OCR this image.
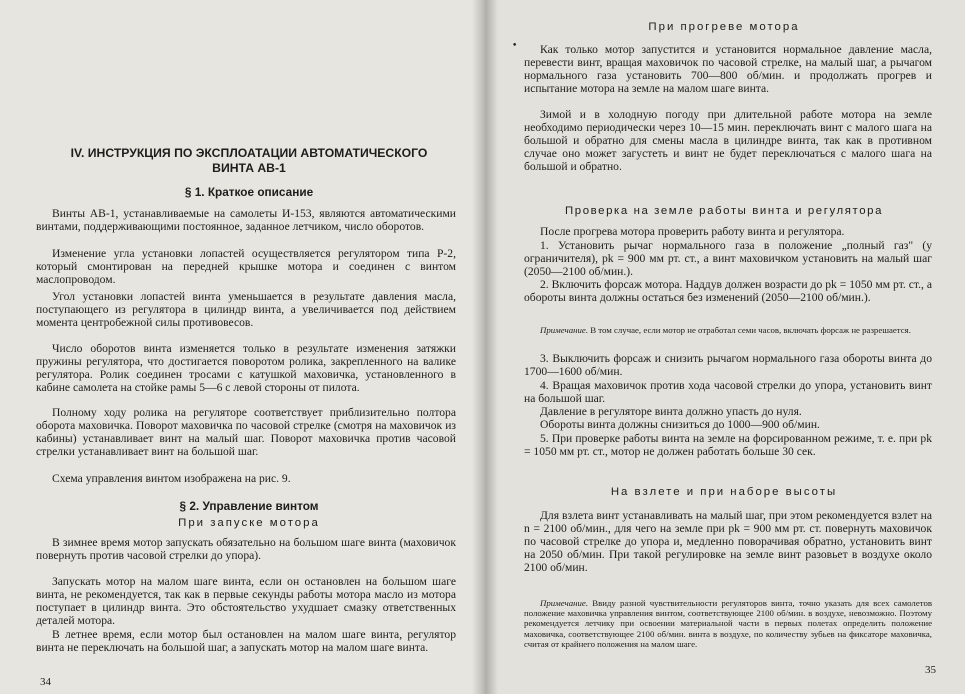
IV. ИНСТРУКЦИЯ ПО ЭКСПЛОАТАЦИИ АВТОМАТИЧЕСКОГО
ВИНТА АВ-1
§ 1. Краткое описание

Винты АВ-1, устанавливаемые на самолеты И-153, являются автоматическими винтами, поддерживающими постоянное, заданное летчиком, число оборотов.

Изменение угла установки лопастей осуществляется регулятором типа Р-2, который смонтирован на передней крышке мотора и соединен с винтом маслопроводом.

Угол установки лопастей винта уменьшается в результате давления масла, поступающего из регулятора в цилиндр винта, а увеличивается под действием момента центробежной силы противовесов.

Число оборотов винта изменяется только в результате изменения затяжки пружины регулятора, что достигается поворотом ролика, закрепленного на валике регулятора. Ролик соединен тросами с катушкой маховичка, установленного в кабине самолета на стойке рамы 5—6 с левой стороны от пилота.

Полному ходу ролика на регуляторе соответствует приблизительно полтора оборота маховичка. Поворот маховичка по часовой стрелке (смотря на маховичок из кабины) устанавливает винт на малый шаг. Поворот маховичка против часовой стрелки устанавливает винт на большой шаг.

Схема управления винтом изображена на рис. 9.

§ 2. Управление винтом
При запуске мотора

В зимнее время мотор запускать обязательно на большом шаге винта (маховичок повернуть против часовой стрелки до упора).

Запускать мотор на малом шаге винта, если он остановлен на большом шаге винта, не рекомендуется, так как в первые секунды работы мотора масло из мотора поступает в цилиндр винта. Это обстоятельство ухудшает смазку ответственных деталей мотора.

В летнее время, если мотор был остановлен на малом шаге винта, регулятор винта не переключать на большой шаг, а запускать мотор на малом шаге винта.

34
При прогреве мотора
•	Как только мотор запустится и установится нормальное давление масла, перевести винт, вращая маховичок по часовой стрелке, на малый шаг, а рычагом нормального газа установить 700—800 об/мин. и продолжать прогрев и испытание мотора на земле на малом шаге винта.

Зимой и в холодную погоду при длительной работе мотора на земле необходимо периодически через 10—15 мин. переключать винт с малого шага на большой и обратно для смены масла в цилиндре винта, так как в противном случае оно может загустеть и винт не будет переключаться с малого шага на большой и обратно.

Проверка на земле работы винта и регулятора

После прогрева мотора проверить работу винта и регулятора.

1. Установить рычаг нормального газа в положение „полный газ" (у ограничителя), pk = 900 мм рт. ст., а винт маховичком установить на малый шаг (2050—2100 об/мин.).

2. Включить форсаж мотора. Наддув должен возрасти до pk = 1050 мм рт. ст., а обороты винта должны остаться без изменений (2050—2100 об/мин.).

Примечание. В том случае, если мотор не отработал семи часов, включать форсаж не разрешается.

3. Выключить форсаж и снизить рычагом нормального газа обороты винта до 1700—1600 об/мин.

4. Вращая маховичок против хода часовой стрелки до упора, установить винт на большой шаг.

Давление в регуляторе винта должно упасть до нуля.

Обороты винта должны снизиться до 1000—900 об/мин.

5. При проверке работы винта на земле на форсированном режиме, т. е. при pk = 1050 мм рт. ст., мотор не должен работать больше 30 сек.

На взлете и при наборе высоты

Для взлета винт устанавливать на малый шаг, при этом рекомендуется взлет на n = 2100 об/мин., для чего на земле при pk = 900 мм рт. ст. повернуть маховичок по часовой стрелке до упора и, медленно поворачивая обратно, установить винт на 2050 об/мин. При такой регулировке на земле винт разовьет в воздухе около 2100 об/мин.

Примечание. Ввиду разной чувствительности регуляторов винта, точно указать для всех самолетов положение маховичка управления винтом, соответствующее 2100 об/мин. в воздухе, невозможно. Поэтому рекомендуется летчику при освоении материальной части в первых полетах определить положение маховичка, соответствующее 2100 об/мин. винта в воздухе, по количеству зубьев на фиксаторе маховичка, считая от крайнего положения на малом шаге.

35
